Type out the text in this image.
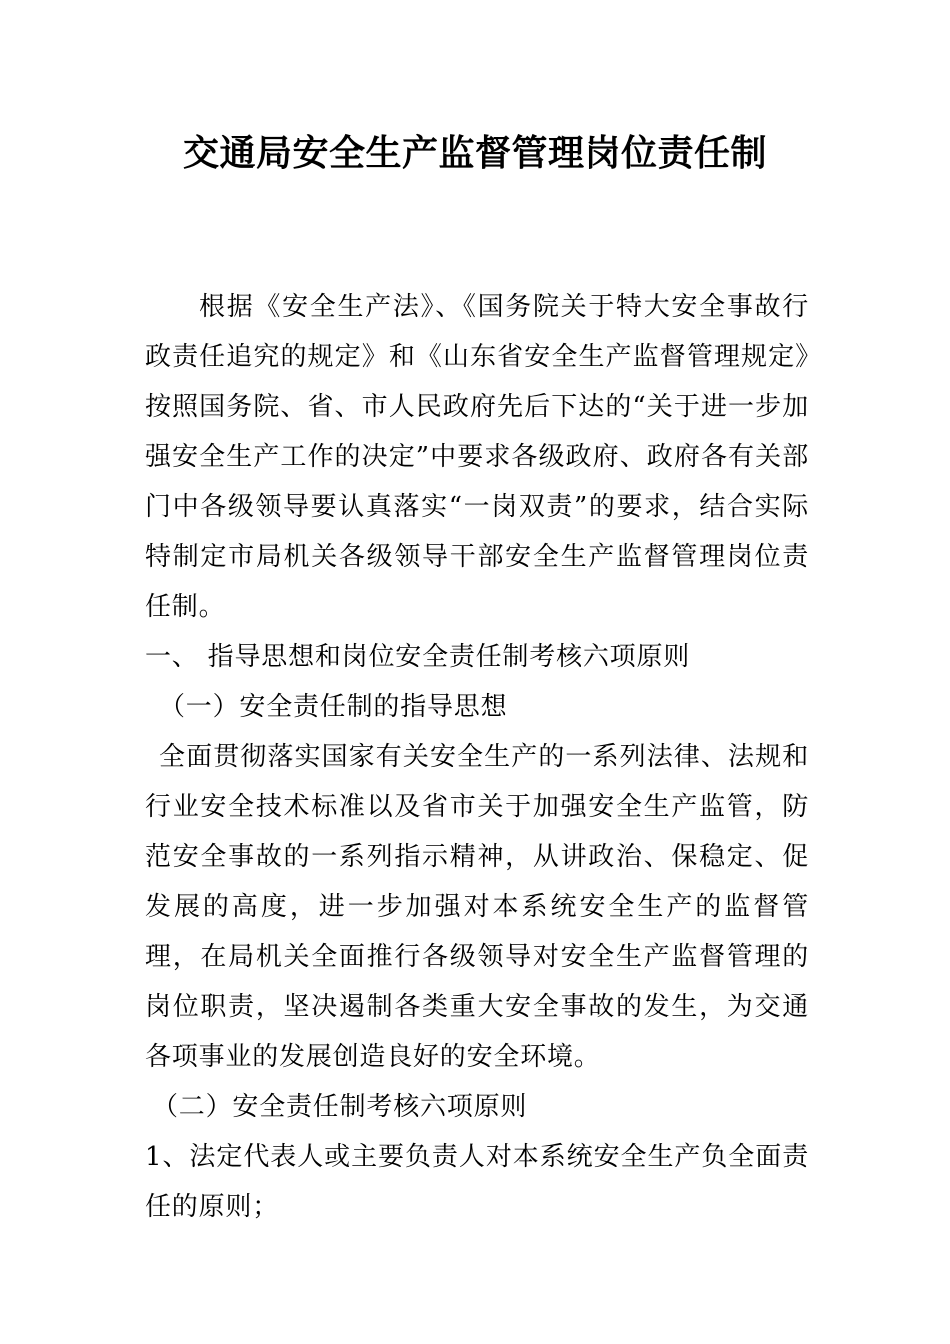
交通局安全生产监督管理岗位责任制

根据《安全生产法》、《国务院关于特大安全事故行政责任追究的规定》和《山东省安全生产监督管理规定》按照国务院、省、市人民政府先后下达的“关于进一步加强安全生产工作的决定”中要求各级政府、政府各有关部门中各级领导要认真落实“一岗双责”的要求，结合实际特制定市局机关各级领导干部安全生产监督管理岗位责任制。

一、 指导思想和岗位安全责任制考核六项原则

（一）安全责任制的指导思想

全面贯彻落实国家有关安全生产的一系列法律、法规和行业安全技术标准以及省市关于加强安全生产监管，防范安全事故的一系列指示精神，从讲政治、保稳定、促发展的高度，进一步加强对本系统安全生产的监督管理，在局机关全面推行各级领导对安全生产监督管理的岗位职责，坚决遏制各类重大安全事故的发生，为交通各项事业的发展创造良好的安全环境。

（二）安全责任制考核六项原则

1、法定代表人或主要负责人对本系统安全生产负全面责任的原则；
